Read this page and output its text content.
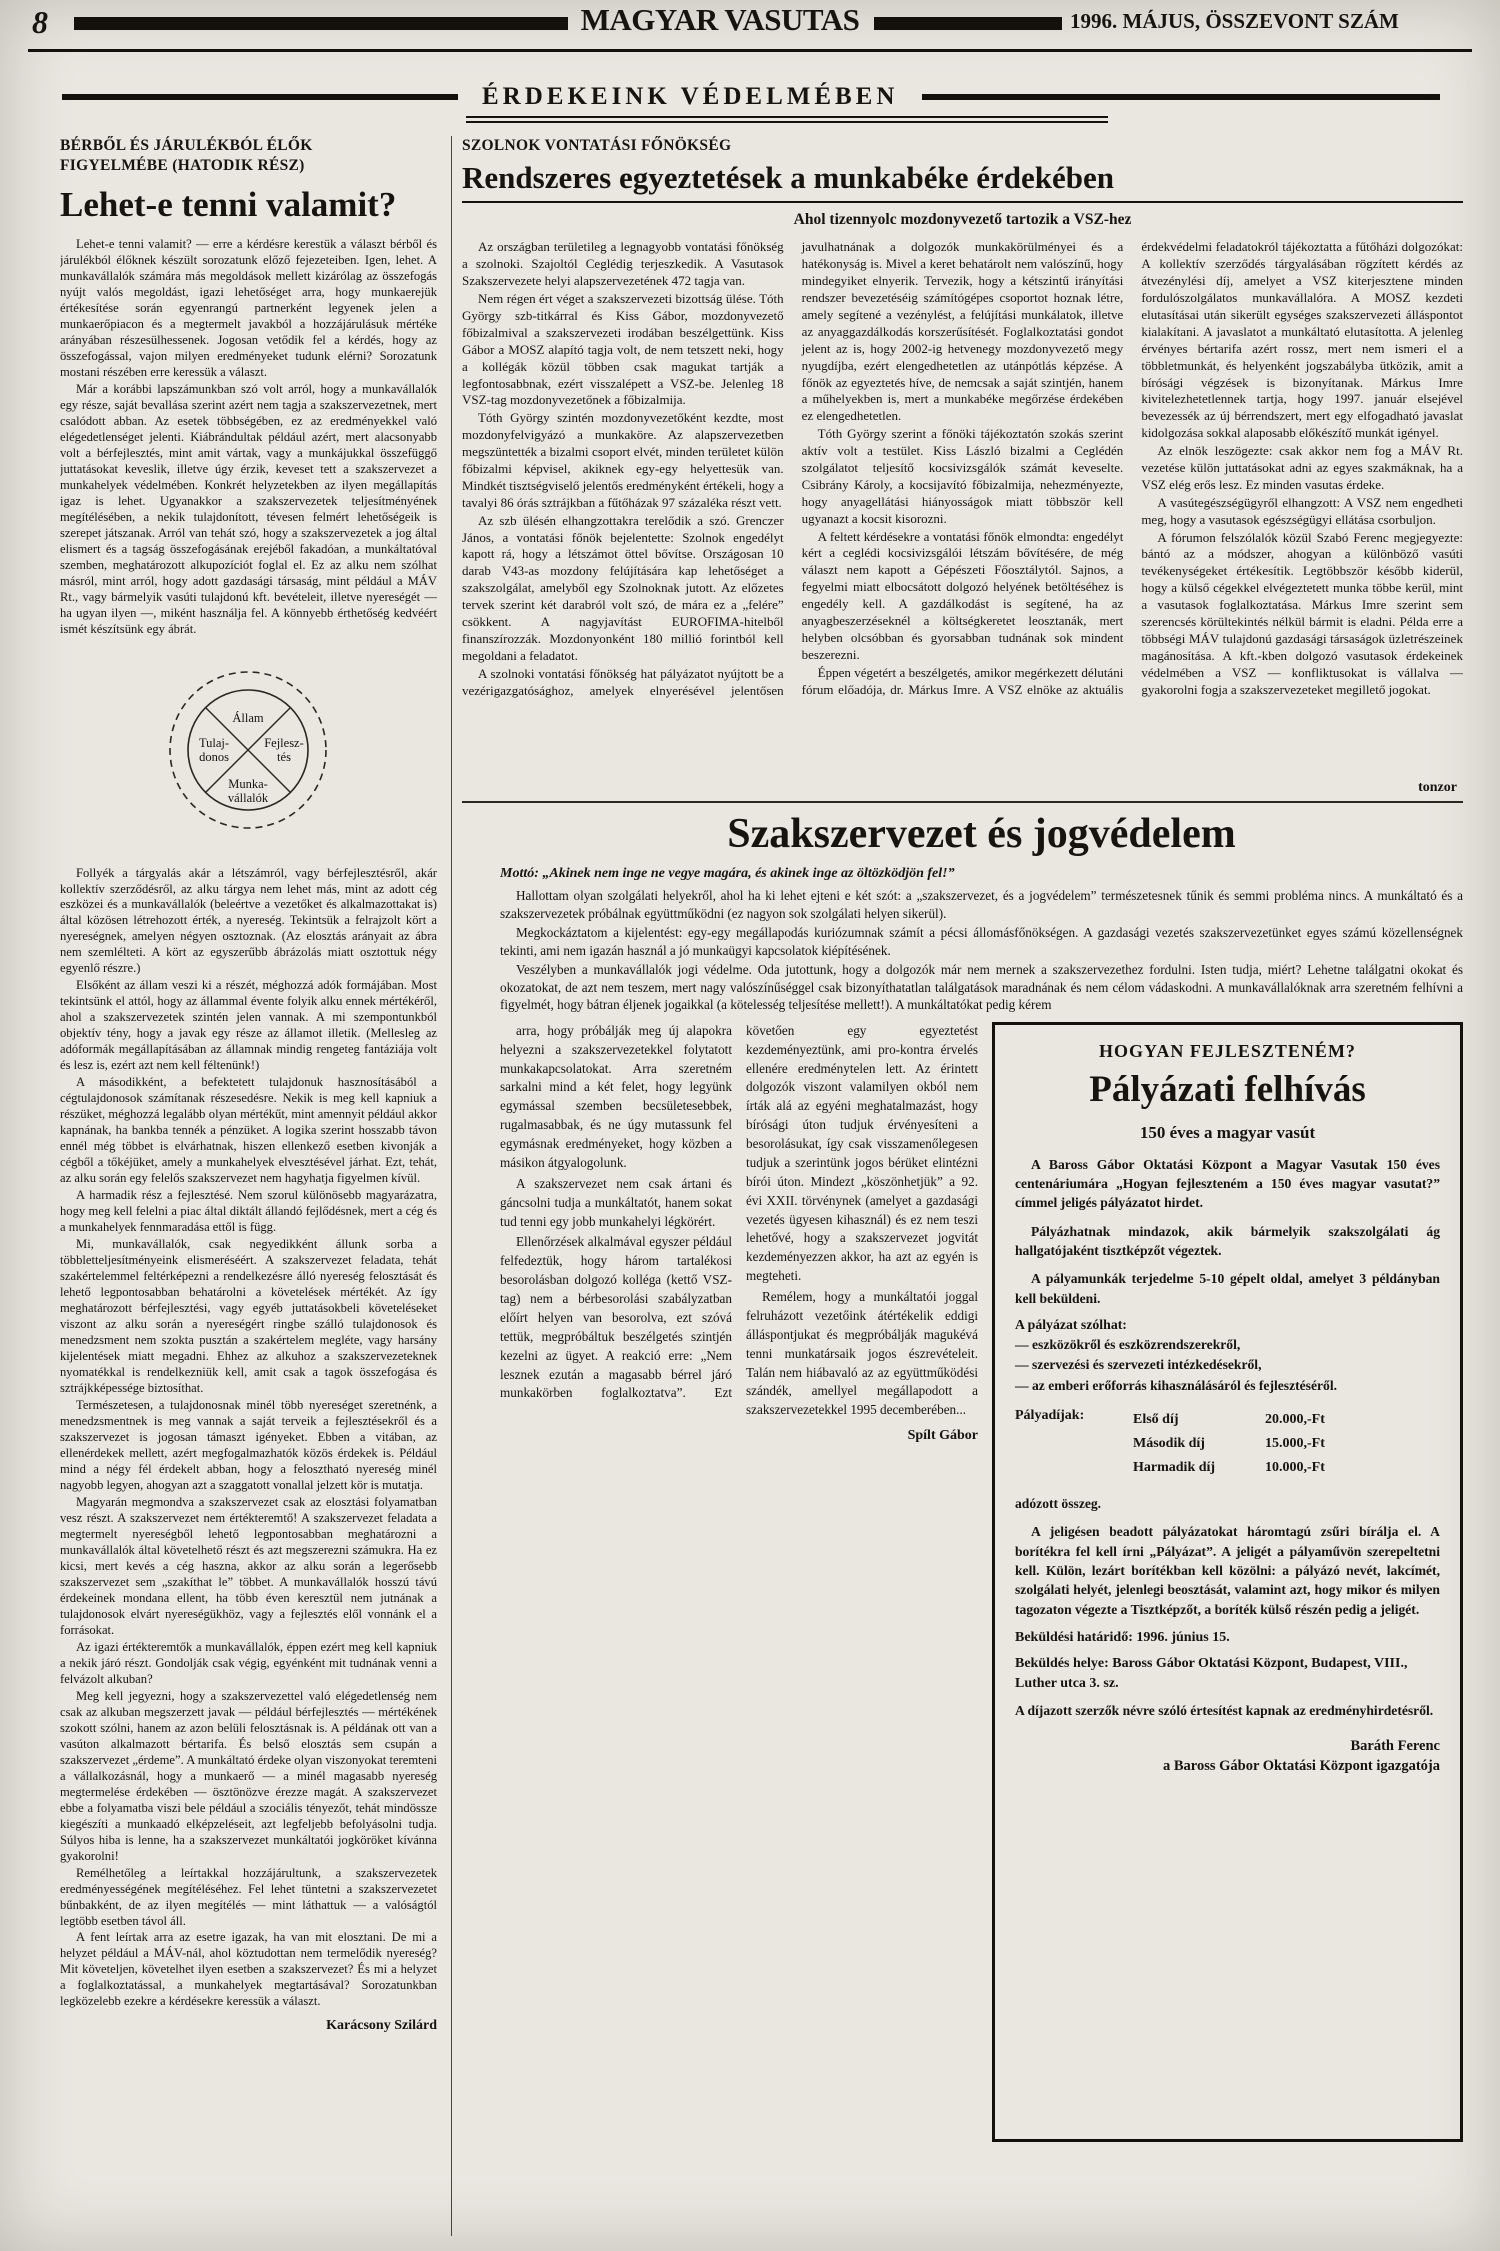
8	MAGYAR VASUTAS	1996. MÁJUS, ÖSSZEVONT SZÁM
ÉRDEKEINK VÉDELMÉBEN
BÉRBŐL ÉS JÁRULÉKBÓL ÉLŐK
FIGYELMÉBE (HATODIK RÉSZ)
Lehet-e tenni valamit?

Lehet-e tenni valamit? — erre a kérdésre kerestük a választ bérből és járulékból élőknek készült sorozatunk előző fejezeteiben. Igen, lehet. A munkavállalók számára más megoldások mellett kizárólag az összefogás nyújt valós megoldást, igazi lehetőséget arra, hogy munkaerejük értékesítése során egyenrangú partnerként legyenek jelen a munkaerőpiacon és a megtermelt javakból a hozzájárulásuk mértéke arányában részesülhessenek. Jogosan vetődik fel a kérdés, hogy az összefogással, vajon milyen eredményeket tudunk elérni? Sorozatunk mostani részében erre keressük a választ.

Már a korábbi lapszámunkban szó volt arról, hogy a munkavállalók egy része, saját bevallása szerint azért nem tagja a szakszervezetnek, mert csalódott abban. Az esetek többségében, ez az eredményekkel való elégedetlenséget jelenti. Kiábrándultak például azért, mert alacsonyabb volt a bérfejlesztés, mint amit vártak, vagy a munkájukkal összefüggő juttatásokat keveslik, illetve úgy érzik, keveset tett a szakszervezet a munkahelyek védelmében. Konkrét helyzetekben az ilyen megállapítás igaz is lehet. Ugyanakkor a szakszervezetek teljesítményének megítélésében, a nekik tulajdonított, tévesen felmért lehetőségeik is szerepet játszanak. Arról van tehát szó, hogy a szakszervezetek a jog által elismert és a tagság összefogásának erejéből fakadóan, a munkáltatóval szemben, meghatározott alkupozíciót foglal el. Ez az alku nem szólhat másról, mint arról, hogy adott gazdasági társaság, mint például a MÁV Rt., vagy bármelyik vasúti tulajdonú kft. bevételeit, illetve nyereségét — ha ugyan ilyen —, miként használja fel. A könnyebb érthetőség kedvéért ismét készítsünk egy ábrát.

Állam
Tulaj-
donos
Fejlesz-
tés
Munka-
vállalók

Follyék a tárgyalás akár a létszámról, vagy bérfejlesztésről, akár kollektív szerződésről, az alku tárgya nem lehet más, mint az adott cég eszközei és a munkavállalók (beleértve a vezetőket és alkalmazottakat is) által közösen létrehozott érték, a nyereség. Tekintsük a felrajzolt kört a nyereségnek, amelyen négyen osztoznak. (Az elosztás arányait az ábra nem szemlélteti. A kört az egyszerűbb ábrázolás miatt osztottuk négy egyenlő részre.)

Elsőként az állam veszi ki a részét, méghozzá adók formájában. Most tekintsünk el attól, hogy az állammal évente folyik alku ennek mértékéről, ahol a szakszervezetek szintén jelen vannak. A mi szempontunkból objektív tény, hogy a javak egy része az államot illetik. (Mellesleg az adóformák megállapításában az államnak mindig rengeteg fantáziája volt és lesz is, ezért azt nem kell féltenünk!)

A másodikként, a befektetett tulajdonuk hasznosításából a cégtulajdonosok számítanak részesedésre. Nekik is meg kell kapniuk a részüket, méghozzá legalább olyan mértékűt, mint amennyit például akkor kapnának, ha bankba tennék a pénzüket. A logika szerint hosszabb távon ennél még többet is elvárhatnak, hiszen ellenkező esetben kivonják a cégből a tőkéjüket, amely a munkahelyek elvesztésével járhat. Ezt, tehát, az alku során egy felelős szakszervezet nem hagyhatja figyelmen kívül.

A harmadik rész a fejlesztésé. Nem szorul különösebb magyarázatra, hogy meg kell felelni a piac által diktált állandó fejlődésnek, mert a cég és a munkahelyek fennmaradása ettől is függ.

Mi, munkavállalók, csak negyedikként állunk sorba a többletteljesítményeink elismeréséért. A szakszervezet feladata, tehát szakértelemmel feltérképezni a rendelkezésre álló nyereség felosztását és lehető legpontosabban behatárolni a követelések mértékét. Az így meghatározott bérfejlesztési, vagy egyéb juttatásokbeli követeléseket viszont az alku során a nyereségért ringbe szálló tulajdonosok és menedzsment nem szokta pusztán a szakértelem megléte, vagy harsány kijelentések miatt megadni. Ehhez az alkuhoz a szakszervezeteknek nyomatékkal is rendelkezniük kell, amit csak a tagok összefogása és sztrájkképessége biztosíthat.

Természetesen, a tulajdonosnak minél több nyereséget szeretnénk, a menedzsmentnek is meg vannak a saját terveik a fejlesztésekről és a szakszervezet is jogosan támaszt igényeket. Ebben a vitában, az ellenérdekek mellett, azért megfogalmazhatók közös érdekek is. Például mind a négy fél érdekelt abban, hogy a felosztható nyereség minél nagyobb legyen, ahogyan azt a szaggatott vonallal jelzett kör is mutatja.

Magyarán megmondva a szakszervezet csak az elosztási folyamatban vesz részt. A szakszervezet nem értékteremtő! A szakszervezet feladata a megtermelt nyereségből lehető legpontosabban meghatározni a munkavállalók által követelhető részt és azt megszerezni számukra. Ha ez kicsi, mert kevés a cég haszna, akkor az alku során a legerősebb szakszervezet sem „szakíthat le” többet. A munkavállalók hosszú távú érdekeinek mondana ellent, ha több éven keresztül nem jutnának a tulajdonosok elvárt nyereségükhöz, vagy a fejlesztés elől vonnánk el a forrásokat.

Az igazi értékteremtők a munkavállalók, éppen ezért meg kell kapniuk a nekik járó részt. Gondolják csak végig, egyénként mit tudnának venni a felvázolt alkuban?

Meg kell jegyezni, hogy a szakszervezettel való elégedetlenség nem csak az alkuban megszerzett javak — például bérfejlesztés — mértékének szokott szólni, hanem az azon belüli felosztásnak is. A példának ott van a vasúton alkalmazott bértarifa. És belső elosztás sem csupán a szakszervezet „érdeme”. A munkáltató érdeke olyan viszonyokat teremteni a vállalkozásnál, hogy a munkaerő — a minél magasabb nyereség megtermelése érdekében — ösztönözve érezze magát. A szakszervezet ebbe a folyamatba viszi bele például a szociális tényezőt, tehát mindössze kiegészíti a munkaadó elképzeléseit, azt legfeljebb befolyásolni tudja. Súlyos hiba is lenne, ha a szakszervezet munkáltatói jogköröket kívánna gyakorolni!

Remélhetőleg a leírtakkal hozzájárultunk, a szakszervezetek eredményességének megítéléséhez. Fel lehet tüntetni a szakszervezetet bűnbakként, de az ilyen megítélés — mint láthattuk — a valóságtól legtöbb esetben távol áll.

A fent leírtak arra az esetre igazak, ha van mit elosztani. De mi a helyzet például a MÁV-nál, ahol köztudottan nem termelődik nyereség? Mit követeljen, követelhet ilyen esetben a szakszervezet? És mi a helyzet a foglalkoztatással, a munkahelyek megtartásával? Sorozatunkban legközelebb ezekre a kérdésekre keressük a választ.

Karácsony Szilárd
SZOLNOK VONTATÁSI FŐNÖKSÉG
Rendszeres egyeztetések a munkabéke érdekében
Ahol tizennyolc mozdonyvezető tartozik a VSZ-hez

Az országban területileg a legnagyobb vontatási főnökség a szolnoki. Szajoltól Ceglédig terjeszkedik. A Vasutasok Szakszervezete helyi alapszervezetének 472 tagja van.

Nem régen ért véget a szakszervezeti bizottság ülése. Tóth György szb-titkárral és Kiss Gábor, mozdonyvezető főbizalmival a szakszervezeti irodában beszélgettünk. Kiss Gábor a MOSZ alapító tagja volt, de nem tetszett neki, hogy a kollégák közül többen csak magukat tartják a legfontosabbnak, ezért visszalépett a VSZ-be. Jelenleg 18 VSZ-tag mozdonyvezetőnek a főbizalmija.

Tóth György szintén mozdonyvezetőként kezdte, most mozdonyfelvigyázó a munkaköre. Az alapszervezetben megszüntették a bizalmi csoport elvét, minden területet külön főbizalmi képvisel, akiknek egy-egy helyettesük van. Mindkét tisztségviselő jelentős eredményként értékeli, hogy a tavalyi 86 órás sztrájkban a fűtőházak 97 százaléka részt vett.

Az szb ülésén elhangzottakra terelődik a szó. Grenczer János, a vontatási főnök bejelentette: Szolnok engedélyt kapott rá, hogy a létszámot öttel bővítse. Országosan 10 darab V43-as mozdony felújítására kap lehetőséget a szakszolgálat, amelyből egy Szolnoknak jutott. Az előzetes tervek szerint két darabról volt szó, de mára ez a „felére” csökkent. A nagyjavítást EUROFIMA-hitelből finanszírozzák. Mozdonyonként 180 millió forintból kell megoldani a feladatot.

A szolnoki vontatási főnökség hat pályázatot nyújtott be a vezérigazgatósághoz, amelyek elnyerésével jelentősen javulhatnának a dolgozók munkakörülményei és a hatékonyság is. Mivel a keret behatárolt nem valószínű, hogy mindegyiket elnyerik. Tervezik, hogy a kétszintű irányítási rendszer bevezetéséig számítógépes csoportot hoznak létre, amely segítené a vezénylést, a felújítási munkálatok, illetve az anyaggazdálkodás korszerűsítését. Foglalkoztatási gondot jelent az is, hogy 2002-ig hetvenegy mozdonyvezető megy nyugdíjba, ezért elengedhetetlen az utánpótlás képzése. A főnök az egyeztetés híve, de nemcsak a saját szintjén, hanem a műhelyekben is, mert a munkabéke megőrzése érdekében ez elengedhetetlen.

Tóth György szerint a főnöki tájékoztatón szokás szerint aktív volt a testület. Kiss László bizalmi a Ceglédén szolgálatot teljesítő kocsivizsgálók számát keveselte. Csibrány Károly, a kocsijavító főbizalmija, nehezményezte, hogy anyagellátási hiányosságok miatt többször kell ugyanazt a kocsit kisorozni.

A feltett kérdésekre a vontatási főnök elmondta: engedélyt kért a ceglédi kocsivizsgálói létszám bővítésére, de még választ nem kapott a Gépészeti Főosztálytól. Sajnos, a fegyelmi miatt elbocsátott dolgozó helyének betöltéséhez is engedély kell. A gazdálkodást is segítené, ha az anyagbeszerzéseknél a költségkeretet leosztanák, mert helyben olcsóbban és gyorsabban tudnának sok mindent beszerezni.

Éppen végetért a beszélgetés, amikor megérkezett délutáni fórum előadója, dr. Márkus Imre. A VSZ elnöke az aktuális érdekvédelmi feladatokról tájékoztatta a fűtőházi dolgozókat: A kollektív szerződés tárgyalásában rögzített kérdés az átvezénylési díj, amelyet a VSZ kiterjesztene minden fordulószolgálatos munkavállalóra. A MOSZ kezdeti elutasításai után sikerült egységes szakszervezeti álláspontot kialakítani. A javaslatot a munkáltató elutasította. A jelenleg érvényes bértarifa azért rossz, mert nem ismeri el a többletmunkát, és helyenként jogszabályba ütközik, amit a bírósági végzések is bizonyítanak. Márkus Imre kivitelezhetetlennek tartja, hogy 1997. január elsejével bevezessék az új bérrendszert, mert egy elfogadható javaslat kidolgozása sokkal alaposabb előkészítő munkát igényel.

Az elnök leszögezte: csak akkor nem fog a MÁV Rt. vezetése külön juttatásokat adni az egyes szakmáknak, ha a VSZ elég erős lesz. Ez minden vasutas érdeke.

A vasútegészségügyről elhangzott: A VSZ nem engedheti meg, hogy a vasutasok egészségügyi ellátása csorbuljon.

A fórumon felszólalók közül Szabó Ferenc megjegyezte: bántó az a módszer, ahogyan a különböző vasúti tevékenységeket értékesítik. Legtöbbször később kiderül, hogy a külső cégekkel elvégeztetett munka többe kerül, mint a vasutasok foglalkoztatása. Márkus Imre szerint sem szerencsés körültekintés nélkül bármit is eladni. Példa erre a többségi MÁV tulajdonú gazdasági társaságok üzletrészeinek magánosítása. A kft.-kben dolgozó vasutasok érdekeinek védelmében a VSZ — konfliktusokat is vállalva — gyakorolni fogja a szakszervezeteket megillető jogokat.

tonzor
Szakszervezet és jogvédelem
Mottó: „Akinek nem inge ne vegye magára, és akinek inge az öltözködjön fel!”

Hallottam olyan szolgálati helyekről, ahol ha ki lehet ejteni e két szót: a „szakszervezet, és a jogvédelem” természetesnek tűnik és semmi probléma nincs. A munkáltató és a szakszervezetek próbálnak együttműködni (ez nagyon sok szolgálati helyen sikerül).

Megkockáztatom a kijelentést: egy-egy megállapodás kuriózumnak számít a pécsi állomásfőnökségen. A gazdasági vezetés szakszervezetünket egyes számú közellenségnek tekinti, ami nem igazán használ a jó munkaügyi kapcsolatok kiépítésének.

Veszélyben a munkavállalók jogi védelme. Oda jutottunk, hogy a dolgozók már nem mernek a szakszervezethez fordulni. Isten tudja, miért? Lehetne találgatni okokat és okozatokat, de azt nem teszem, mert nagy valószínűséggel csak bizonyíthatatlan találgatások maradnának és nem célom vádaskodni. A munkavállalóknak arra szeretném felhívni a figyelmét, hogy bátran éljenek jogaikkal (a kötelesség teljesítése mellett!). A munkáltatókat pedig kérem

arra, hogy próbálják meg új alapokra helyezni a szakszervezetekkel folytatott munkakapcsolatokat. Arra szeretném sarkalni mind a két felet, hogy legyünk egymással szemben becsületesebbek, rugalmasabbak, és ne úgy mutassunk fel egymásnak eredményeket, hogy közben a másikon átgyalogolunk.

A szakszervezet nem csak ártani és gáncsolni tudja a munkáltatót, hanem sokat tud tenni egy jobb munkahelyi légkörért.

Ellenőrzések alkalmával egyszer például felfedeztük, hogy három tartalékosi besorolásban dolgozó kolléga (kettő VSZ-tag) nem a bérbesorolási szabályzatban előírt helyen van besorolva, ezt szóvá tettük, megpróbáltuk beszélgetés szintjén kezelni az ügyet. A reakció erre: „Nem lesznek ezután a magasabb bérrel járó munkakörben foglalkoztatva”. Ezt követően egy egyeztetést kezdeményeztünk, ami pro-kontra érvelés ellenére eredménytelen lett. Az érintett dolgozók viszont valamilyen okból nem írták alá az egyéni meghatalmazást, hogy bírósági úton tudjuk érvényesíteni a besorolásukat, így csak visszamenőlegesen tudjuk a szerintünk jogos bérüket elintézni bírói úton. Mindezt „köszönhetjük” a 92. évi XXII. törvénynek (amelyet a gazdasági vezetés ügyesen kihasznál) és ez nem teszi lehetővé, hogy a szakszervezet jogvitát kezdeményezzen akkor, ha azt az egyén is megteheti.

Remélem, hogy a munkáltatói joggal felruházott vezetőink átértékelik eddigi álláspontjukat és megpróbálják magukévá tenni munkatársaik jogos észrevételeit. Talán nem hiábavaló az az együttműködési szándék, amellyel megállapodott a szakszervezetekkel 1995 decemberében...

Spílt Gábor
HOGYAN FEJLESZTENÉM?
Pályázati felhívás
150 éves a magyar vasút

A Baross Gábor Oktatási Központ a Magyar Vasutak 150 éves centenáriumára „Hogyan fejleszteném a 150 éves magyar vasutat?” címmel jeligés pályázatot hirdet.

Pályázhatnak mindazok, akik bármelyik szakszolgálati ág hallgatójaként tisztképzőt végeztek.

A pályamunkák terjedelme 5-10 gépelt oldal, amelyet 3 példányban kell beküldeni.

A pályázat szólhat:
— eszközökről és eszközrendszerekről,
— szervezési és szervezeti intézkedésekről,
— az emberi erőforrás kihasználásáról és fejlesztéséről.
Pályadíjak:	Első díj	20.000,-Ft
Második díj	15.000,-Ft
Harmadik díj	10.000,-Ft
adózott összeg.

A jeligésen beadott pályázatokat háromtagú zsűri bírálja el. A borítékra fel kell írni „Pályázat”. A jeligét a pályaművön szerepeltetni kell. Külön, lezárt borítékban kell közölni: a pályázó nevét, lakcímét, szolgálati helyét, jelenlegi beosztását, valamint azt, hogy mikor és milyen tagozaton végezte a Tisztképzőt, a boríték külső részén pedig a jeligét.

Beküldési határidő: 1996. június 15.
Beküldés helye: Baross Gábor Oktatási Központ, Budapest, VIII., Luther utca 3. sz.
A díjazott szerzők névre szóló értesítést kapnak az eredményhirdetésről.
Baráth Ferenc
a Baross Gábor Oktatási Központ igazgatója
